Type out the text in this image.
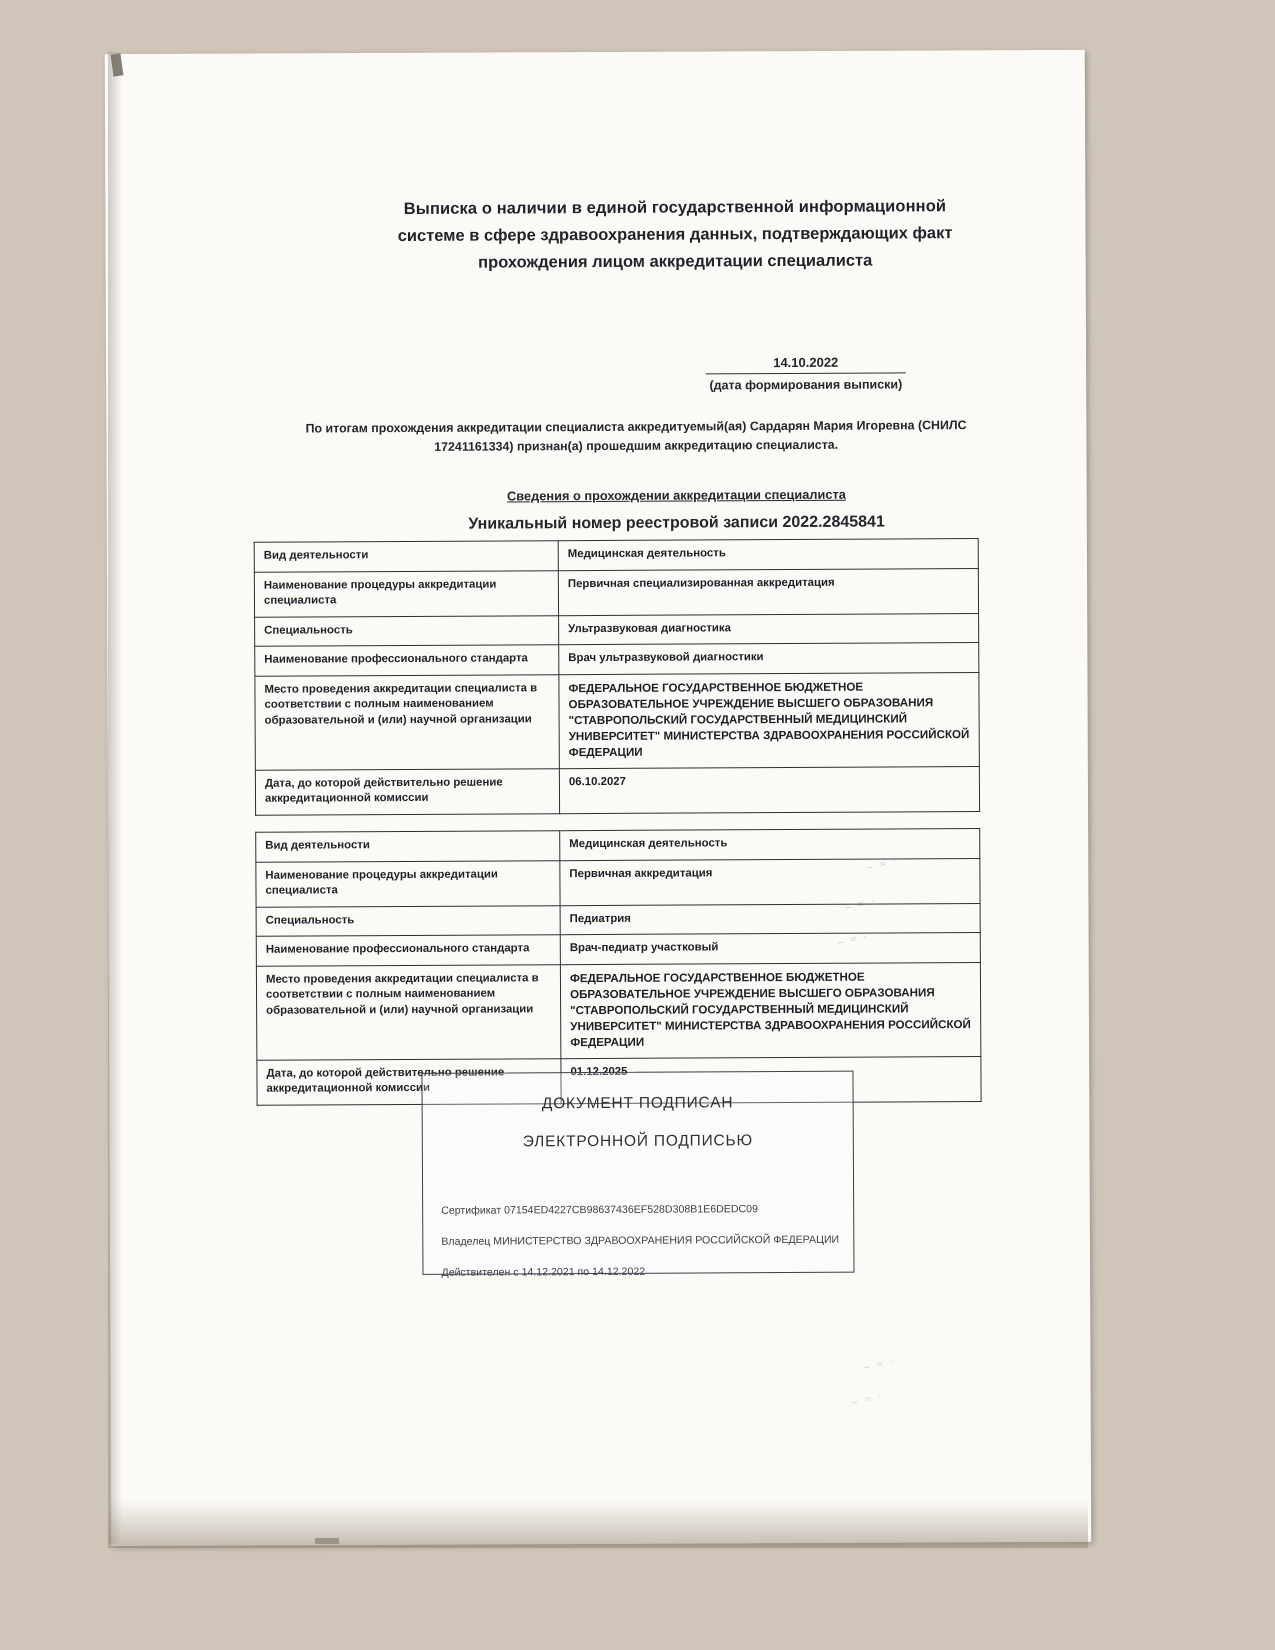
Выписка о наличии в единой государственной информационной
системе в сфере здравоохранения данных, подтверждающих факт
прохождения лицом аккредитации специалиста
14.10.2022
(дата формирования выписки)
По итогам прохождения аккредитации специалиста аккредитуемый(ая) Сардарян Мария Игоревна (СНИЛС 17241161334) признан(а) прошедшим аккредитацию специалиста.
Сведения о прохождении аккредитации специалиста
Уникальный номер реестровой записи 2022.2845841
Вид деятельности	Медицинская деятельность
Наименование процедуры аккредитации специалиста	Первичная специализированная аккредитация
Специальность	Ультразвуковая диагностика
Наименование профессионального стандарта	Врач ультразвуковой диагностики
Место проведения аккредитации специалиста в соответствии с полным наименованием образовательной и (или) научной организации	ФЕДЕРАЛЬНОЕ ГОСУДАРСТВЕННОЕ БЮДЖЕТНОЕ ОБРАЗОВАТЕЛЬНОЕ УЧРЕЖДЕНИЕ ВЫСШЕГО ОБРАЗОВАНИЯ "СТАВРОПОЛЬСКИЙ ГОСУДАРСТВЕННЫЙ МЕДИЦИНСКИЙ УНИВЕРСИТЕТ" МИНИСТЕРСТВА ЗДРАВООХРАНЕНИЯ РОССИЙСКОЙ ФЕДЕРАЦИИ
Дата, до которой действительно решение аккредитационной комиссии	06.10.2027
Вид деятельности	Медицинская деятельность
Наименование процедуры аккредитации специалиста	Первичная аккредитация
Специальность	Педиатрия
Наименование профессионального стандарта	Врач-педиатр участковый
Место проведения аккредитации специалиста в соответствии с полным наименованием образовательной и (или) научной организации	ФЕДЕРАЛЬНОЕ ГОСУДАРСТВЕННОЕ БЮДЖЕТНОЕ ОБРАЗОВАТЕЛЬНОЕ УЧРЕЖДЕНИЕ ВЫСШЕГО ОБРАЗОВАНИЯ "СТАВРОПОЛЬСКИЙ ГОСУДАРСТВЕННЫЙ МЕДИЦИНСКИЙ УНИВЕРСИТЕТ" МИНИСТЕРСТВА ЗДРАВООХРАНЕНИЯ РОССИЙСКОЙ ФЕДЕРАЦИИ
Дата, до которой действительно решение аккредитационной комиссии	01.12.2025
ДОКУМЕНТ ПОДПИСАН
ЭЛЕКТРОННОЙ ПОДПИСЬЮ
Сертификат 07154ED4227CB98637436EF528D308B1E6DEDC09
Владелец МИНИСТЕРСТВО ЗДРАВООХРАНЕНИЯ РОССИЙСКОЙ ФЕДЕРАЦИИ
Действителен с 14.12.2021 по 14.12.2022
~ ≈ ·
~ ≈ ·
~ ≈ ·
~ ≈ ·
~ ≈ ·
